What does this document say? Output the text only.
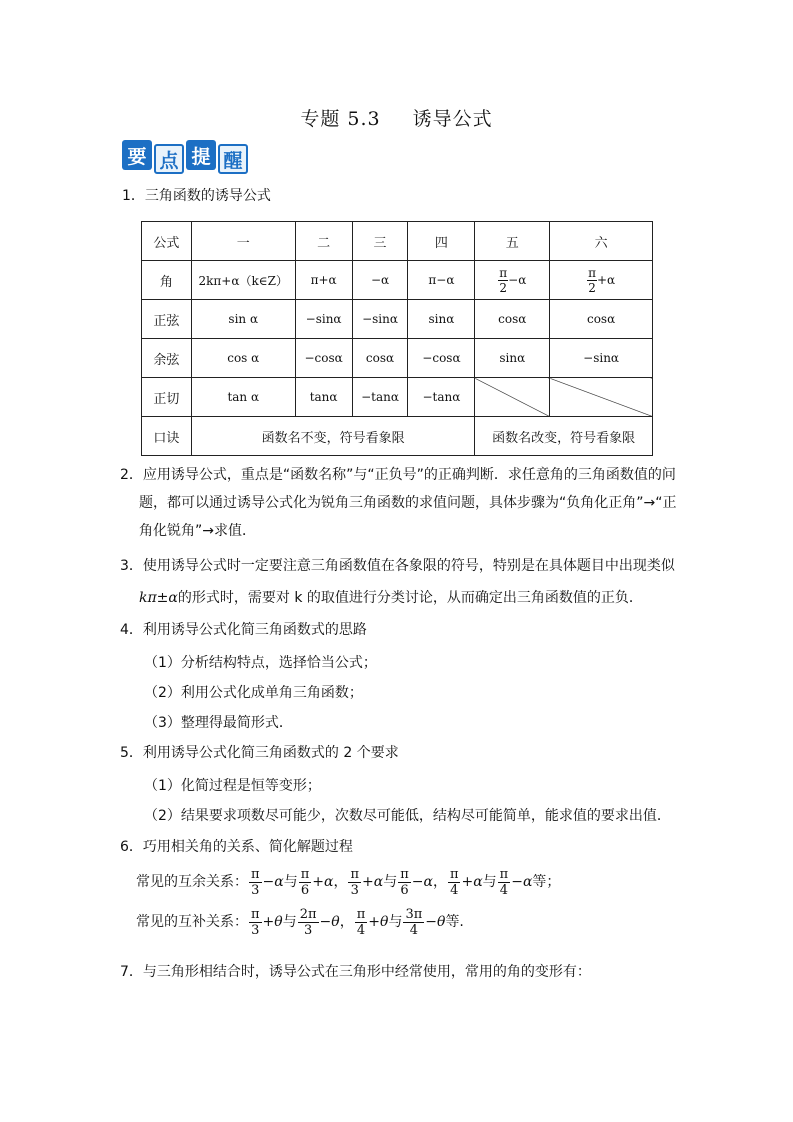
专题 5.3 诱导公式
要 点 提 醒
1．三角函数的诱导公式
公式	一	二	三	四	五	六
角	2kπ+α（k∈Z）	π+α	−α	π−α	$\frac{\pi}{2} -\alpha$	$\frac{\pi}{2} +\alpha$
正弦	sin α	−sinα	−sinα	sinα	cosα	cosα
余弦	cos α	−cosα	cosα	−cosα	sinα	−sinα
正切	tan α	tanα	−tanα	−tanα		
口诀	函数名不变，符号看象限				函数名改变，符号看象限	
2．应用诱导公式，重点是“函数名称”与“正负号”的正确判断．求任意角的三角函数值的问
题，都可以通过诱导公式化为锐角三角函数的求值问题，具体步骤为“负角化正角”→“正
角化锐角”→求值．
3．使用诱导公式时一定要注意三角函数值在各象限的符号，特别是在具体题目中出现类似
kπ±α的形式时，需要对 k 的取值进行分类讨论，从而确定出三角函数值的正负．
4．利用诱导公式化简三角函数式的思路
（1）分析结构特点，选择恰当公式；
（2）利用公式化成单角三角函数；
（3）整理得最简形式．
5．利用诱导公式化简三角函数式的 2 个要求
（1）化简过程是恒等变形；
（2）结果要求项数尽可能少，次数尽可能低，结构尽可能简单，能求值的要求出值．
6．巧用相关角的关系、简化解题过程
常见的互余关系： $\frac{\pi}{3} -\alpha$与 $\frac{\pi}{6} +\alpha$， $\frac{\pi}{3} +\alpha$与 $\frac{\pi}{6} -\alpha$， $\frac{\pi}{4} +\alpha$与 $\frac{\pi}{4} -\alpha$等；
常见的互补关系： $\frac{\pi}{3} +\theta$与 $\frac{2\pi}{3} -\theta$， $\frac{\pi}{4} +\theta$与 $\frac{3\pi}{4} -\theta$等.
7．与三角形相结合时，诱导公式在三角形中经常使用，常用的角的变形有：
